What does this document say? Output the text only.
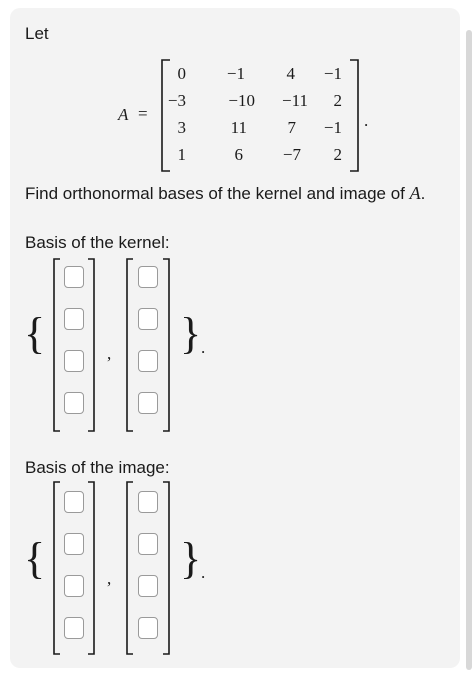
Let
A =
0	−1	4	−1
−3	−10	−11	2
3	11	7	−1
1	6	−7	2
.
Find orthonormal bases of the kernel and image of A.
Basis of the kernel:
{	, } .
Basis of the image:
{	, } .
